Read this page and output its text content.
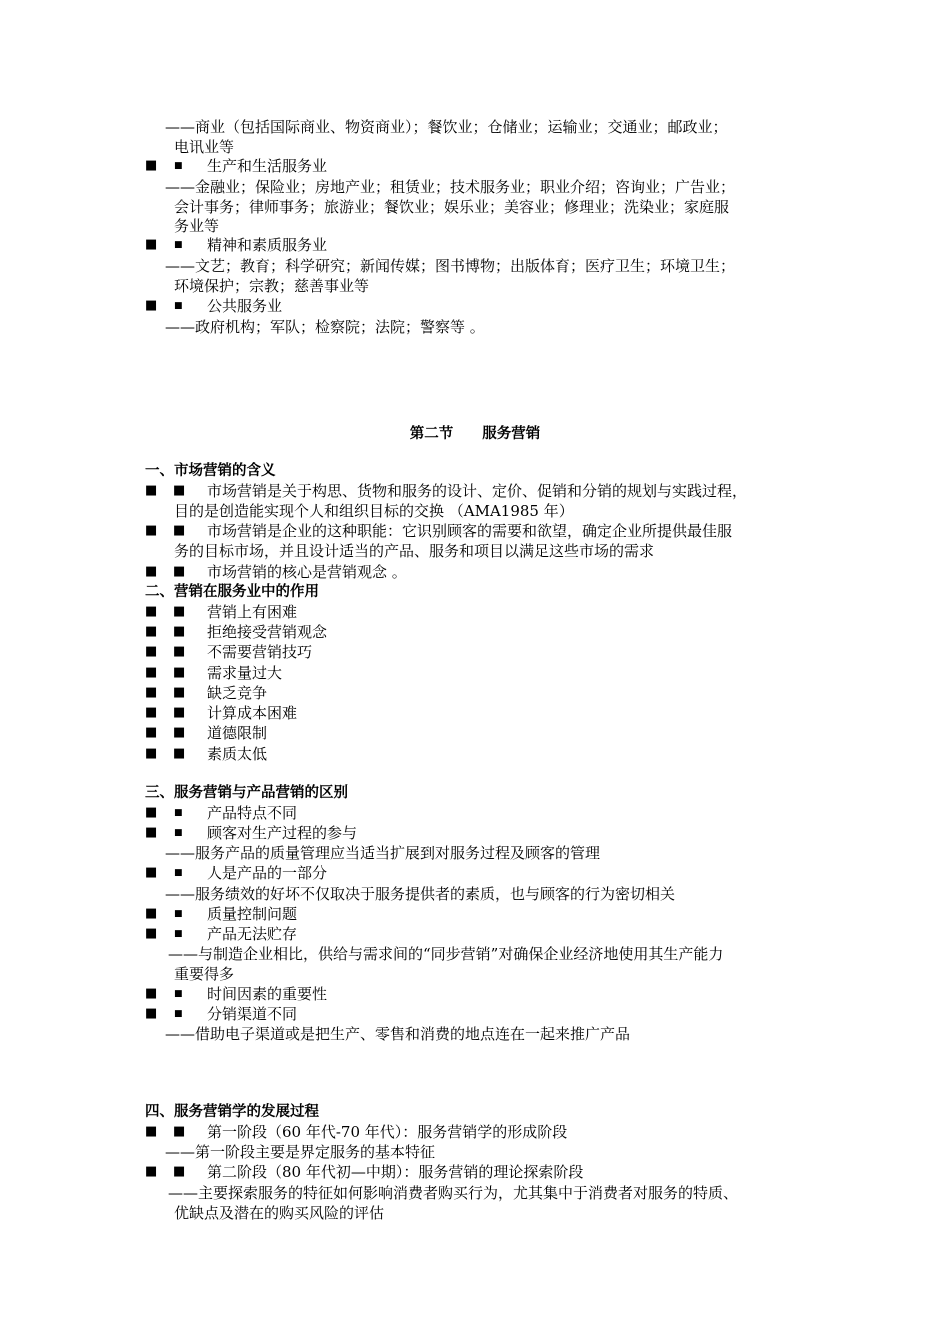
——商业（包括国际商业、物资商业）；餐饮业；仓储业；运输业；交通业；邮政业；
电讯业等
■ ■ 生产和生活服务业
——金融业；保险业；房地产业；租赁业；技术服务业；职业介绍；咨询业；广告业；
会计事务；律师事务；旅游业；餐饮业；娱乐业；美容业；修理业；洗染业；家庭服
务业等
■ ■ 精神和素质服务业
——文艺；教育；科学研究；新闻传媒；图书博物；出版体育；医疗卫生；环境卫生；
环境保护；宗教；慈善事业等
■ ■ 公共服务业
——政府机构；军队；检察院；法院；警察等 。
第二节　　服务营销
一、市场营销的含义
■ ■ 市场营销是关于构思、货物和服务的设计、定价、促销和分销的规划与实践过程，
目的是创造能实现个人和组织目标的交换 （AMA1985 年）
■ ■ 市场营销是企业的这种职能：它识别顾客的需要和欲望，确定企业所提供最佳服
务的目标市场，并且设计适当的产品、服务和项目以满足这些市场的需求
■ ■ 市场营销的核心是营销观念 。
二、营销在服务业中的作用
■ ■ 营销上有困难
■ ■ 拒绝接受营销观念
■ ■ 不需要营销技巧
■ ■ 需求量过大
■ ■ 缺乏竞争
■ ■ 计算成本困难
■ ■ 道德限制
■ ■ 素质太低
三、服务营销与产品营销的区别
■ ■ 产品特点不同
■ ■ 顾客对生产过程的参与
——服务产品的质量管理应当适当扩展到对服务过程及顾客的管理
■ ■ 人是产品的一部分
——服务绩效的好坏不仅取决于服务提供者的素质，也与顾客的行为密切相关
■ ■ 质量控制问题
■ ■ 产品无法贮存
——与制造企业相比，供给与需求间的“同步营销”对确保企业经济地使用其生产能力
重要得多
■ ■ 时间因素的重要性
■ ■ 分销渠道不同
——借助电子渠道或是把生产、零售和消费的地点连在一起来推广产品
四、服务营销学的发展过程
■ ■ 第一阶段（60 年代-70 年代）：服务营销学的形成阶段
——第一阶段主要是界定服务的基本特征
■ ■ 第二阶段（80 年代初—中期）：服务营销的理论探索阶段
——主要探索服务的特征如何影响消费者购买行为，尤其集中于消费者对服务的特质、
优缺点及潜在的购买风险的评估
